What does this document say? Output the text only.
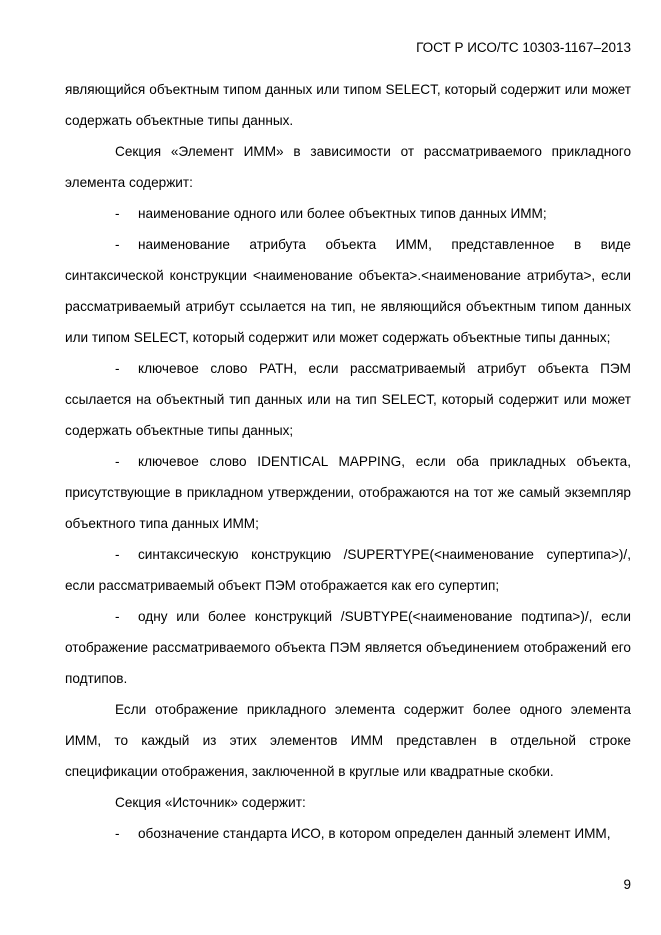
ГОСТ Р ИСО/ТС 10303-1167–2013

являющийся объектным типом данных или типом SELECT, который содержит или может содержать объектные типы данных.

Секция «Элемент ИММ» в зависимости от рассматриваемого прикладного элемента содержит:

- наименование одного или более объектных типов данных ИММ;

- наименование атрибута объекта ИММ, представленное в виде синтаксической конструкции <наименование объекта>.<наименование атрибута>, если рассматриваемый атрибут ссылается на тип, не являющийся объектным типом данных или типом SELECT, который содержит или может содержать объектные типы данных;

- ключевое слово PATH, если рассматриваемый атрибут объекта ПЭМ ссылается на объектный тип данных или на тип SELECT, который содержит или может содержать объектные типы данных;

- ключевое слово IDENTICAL MAPPING, если оба прикладных объекта, присутствующие в прикладном утверждении, отображаются на тот же самый экземпляр объектного типа данных ИММ;

- синтаксическую конструкцию /SUPERTYPE(<наименование супертипа>)/, если рассматриваемый объект ПЭМ отображается как его супертип;

- одну или более конструкций /SUBTYPE(<наименование подтипа>)/, если отображение рассматриваемого объекта ПЭМ является объединением отображений его подтипов.

Если отображение прикладного элемента содержит более одного элемента ИММ, то каждый из этих элементов ИММ представлен в отдельной строке спецификации отображения, заключенной в круглые или квадратные скобки.

Секция «Источник» содержит:

- обозначение стандарта ИСО, в котором определен данный элемент ИММ,

9
